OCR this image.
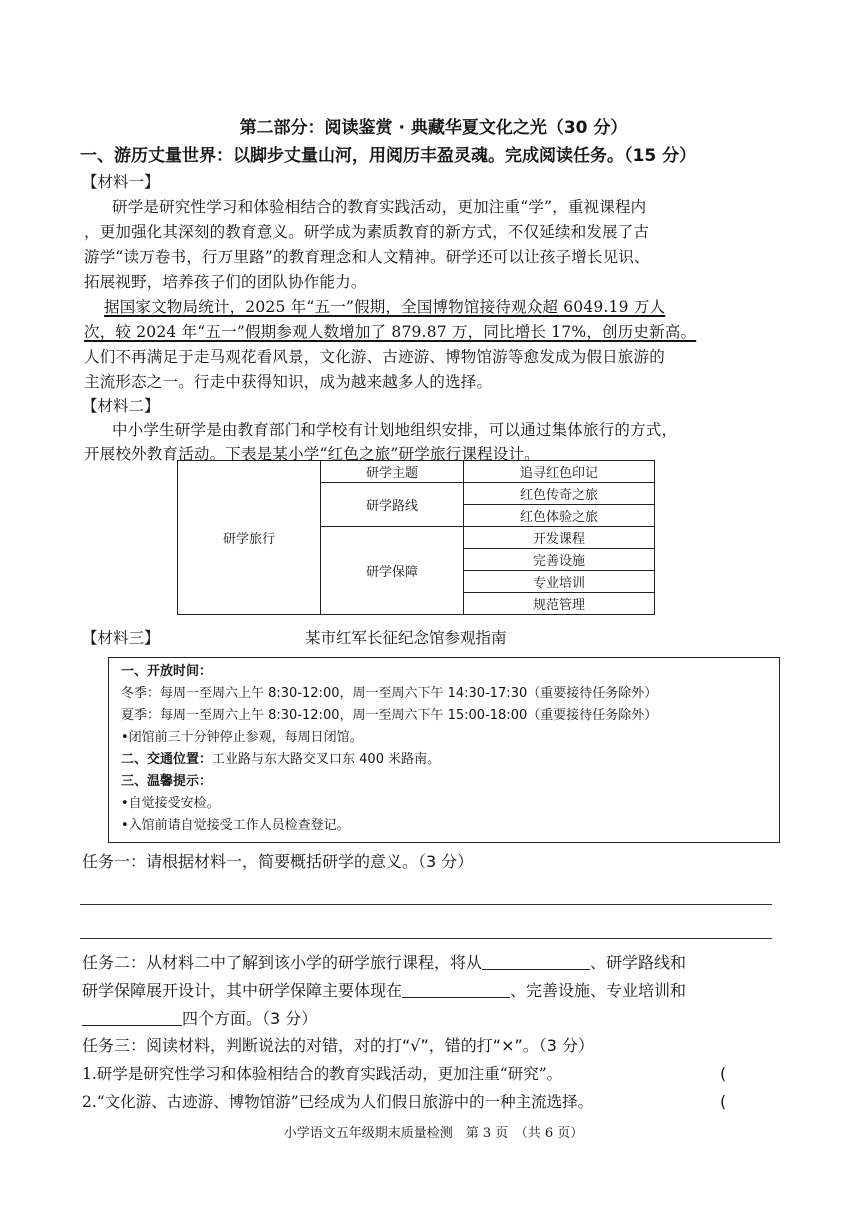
第二部分：阅读鉴赏 · 典藏华夏文化之光（30 分）
一、游历丈量世界：以脚步丈量山河，用阅历丰盈灵魂。完成阅读任务。（15 分）
【材料一】
研学是研究性学习和体验相结合的教育实践活动，更加注重“学”，重视课程内
，更加强化其深刻的教育意义。研学成为素质教育的新方式，不仅延续和发展了古
游学“读万卷书，行万里路”的教育理念和人文精神。研学还可以让孩子增长见识、
拓展视野，培养孩子们的团队协作能力。
据国家文物局统计，2025 年“五一”假期，全国博物馆接待观众超 6049.19 万人
次，较 2024 年“五一”假期参观人数增加了 879.87 万，同比增长 17%，创历史新高。
人们不再满足于走马观花看风景，文化游、古迹游、博物馆游等愈发成为假日旅游的
主流形态之一。行走中获得知识，成为越来越多人的选择。
【材料二】
中小学生研学是由教育部门和学校有计划地组织安排，可以通过集体旅行的方式，
开展校外教育活动。下表是某小学“红色之旅”研学旅行课程设计。
研学旅行	研学主题	追寻红色印记
	研学路线	红色传奇之旅
		红色体验之旅
	研学保障	开发课程
		完善设施
		专业培训
		规范管理
【材料三】	某市红军长征纪念馆参观指南
一、开放时间：
冬季：每周一至周六上午 8:30-12:00，周一至周六下午 14:30-17:30（重要接待任务除外）
夏季：每周一至周六上午 8:30-12:00，周一至周六下午 15:00-18:00（重要接待任务除外）
•闭馆前三十分钟停止参观，每周日闭馆。
二、交通位置：工业路与东大路交叉口东 400 米路南。
三、温馨提示：
•自觉接受安检。
•入馆前请自觉接受工作人员检查登记。
任务一：请根据材料一，简要概括研学的意义。（3 分）
任务二：从材料二中了解到该小学的研学旅行课程，将从	、研学路线和
研学保障展开设计，其中研学保障主要体现在	、完善设施、专业培训和
四个方面。（3 分）
任务三：阅读材料，判断说法的对错，对的打“√”，错的打“×”。（3 分）
1.研学是研究性学习和体验相结合的教育实践活动，更加注重“研究”。	(
2.“文化游、古迹游、博物馆游”已经成为人们假日旅游中的一种主流选择。	(
小学语文五年级期末质量检测　第 3 页　（共 6 页）
